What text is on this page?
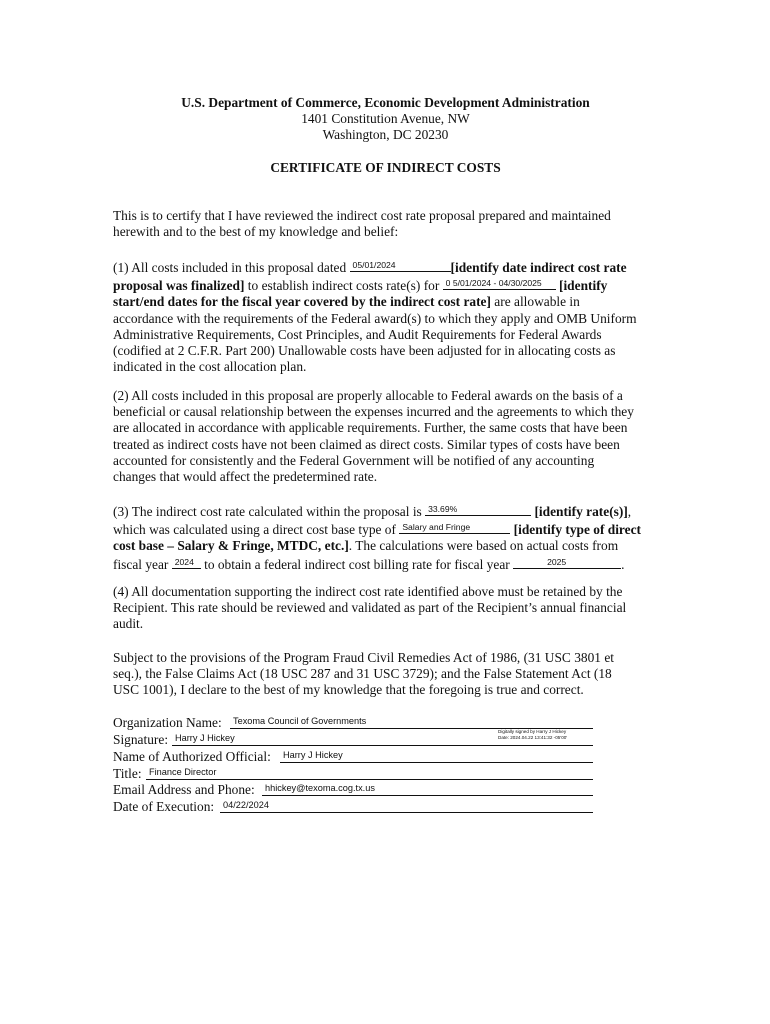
U.S. Department of Commerce, Economic Development Administration
1401 Constitution Avenue, NW
Washington, DC 20230
CERTIFICATE OF INDIRECT COSTS
This is to certify that I have reviewed the indirect cost rate proposal prepared and maintained
herewith and to the best of my knowledge and belief:
(1) All costs included in this proposal dated 05/01/2024	[identify date indirect cost rate
proposal was finalized] to establish indirect costs rate(s) for 0 5/01/2024 - 04/30/2025 [identify
start/end dates for the fiscal year covered by the indirect cost rate] are allowable in
accordance with the requirements of the Federal award(s) to which they apply and OMB Uniform
Administrative Requirements, Cost Principles, and Audit Requirements for Federal Awards
(codified at 2 C.F.R. Part 200) Unallowable costs have been adjusted for in allocating costs as
indicated in the cost allocation plan.
(2) All costs included in this proposal are properly allocable to Federal awards on the basis of a
beneficial or causal relationship between the expenses incurred and the agreements to which they
are allocated in accordance with applicable requirements. Further, the same costs that have been
treated as indirect costs have not been claimed as direct costs. Similar types of costs have been
accounted for consistently and the Federal Government will be notified of any accounting
changes that would affect the predetermined rate.
(3) The indirect cost rate calculated within the proposal is 33.69%	[identify rate(s)],
which was calculated using a direct cost base type of Salary and Fringe	[identify type of direct
cost base – Salary & Fringe, MTDC, etc.]. The calculations were based on actual costs from
fiscal year 2024 to obtain a federal indirect cost billing rate for fiscal year	2025	.
(4) All documentation supporting the indirect cost rate identified above must be retained by the
Recipient. This rate should be reviewed and validated as part of the Recipient’s annual financial
audit.
Subject to the provisions of the Program Fraud Civil Remedies Act of 1986, (31 USC 3801 et
seq.), the False Claims Act (18 USC 287 and 31 USC 3729); and the False Statement Act (18
USC 1001), I declare to the best of my knowledge that the foregoing is true and correct.
Organization Name: Texoma Council of Governments
Signature: Harry J Hickey
Digitally signed by Harry J Hickey
Date: 2024.04.22 13:41:32 -05'00'
Name of Authorized Official: Harry J Hickey
Title: Finance Director
Email Address and Phone: hhickey@texoma.cog.tx.us
Date of Execution: 04/22/2024
